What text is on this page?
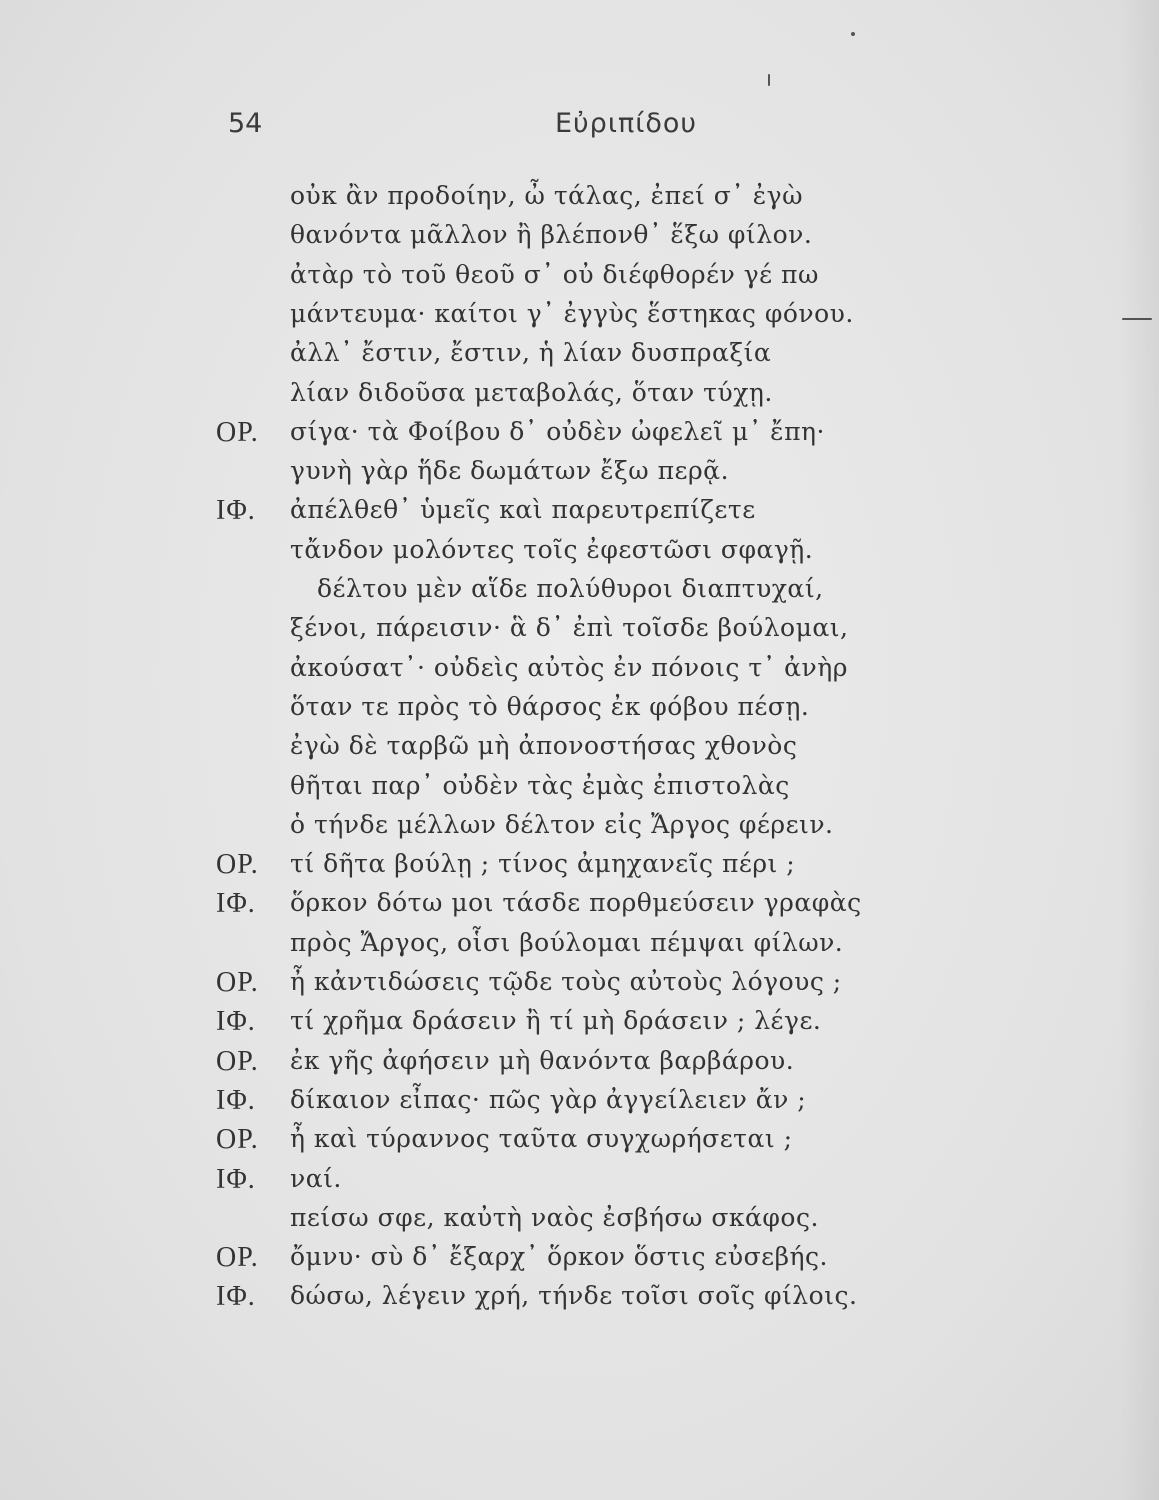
54	Εὐριπίδου
οὐκ ἂν προδοίην, ὦ τάλας, ἐπεί σ᾽ ἐγὼ
θανόντα μᾶλλον ἢ βλέπονθ᾽ ἕξω φίλον.
ἀτὰρ τὸ τοῦ θεοῦ σ᾽ οὐ διέφθορέν γέ πω
μάντευμα· καίτοι γ᾽ ἐγγὺς ἕστηκας φόνου.
ἀλλ᾽ ἔστιν, ἔστιν, ἡ λίαν δυσπραξία
λίαν διδοῦσα μεταβολάς, ὅταν τύχῃ.
ΟΡ. σίγα· τὰ Φοίβου δ᾽ οὐδὲν ὠφελεῖ μ᾽ ἔπη·
γυνὴ γὰρ ἥδε δωμάτων ἔξω περᾷ.
ΙΦ. ἀπέλθεθ᾽ ὑμεῖς καὶ παρευτρεπίζετε
τἄνδον μολόντες τοῖς ἐφεστῶσι σφαγῇ.
δέλτου μὲν αἵδε πολύθυροι διαπτυχαί,
ξένοι, πάρεισιν· ἃ δ᾽ ἐπὶ τοῖσδε βούλομαι,
ἀκούσατ᾽· οὐδεὶς αὐτὸς ἐν πόνοις τ᾽ ἀνὴρ
ὅταν τε πρὸς τὸ θάρσος ἐκ φόβου πέσῃ.
ἐγὼ δὲ ταρβῶ μὴ ἀπονοστήσας χθονὸς
θῆται παρ᾽ οὐδὲν τὰς ἐμὰς ἐπιστολὰς
ὁ τήνδε μέλλων δέλτον εἰς Ἄργος φέρειν.
ΟΡ. τί δῆτα βούλῃ ; τίνος ἀμηχανεῖς πέρι ;
ΙΦ. ὅρκον δότω μοι τάσδε πορθμεύσειν γραφὰς
πρὸς Ἄργος, οἷσι βούλομαι πέμψαι φίλων.
ΟΡ. ἦ κἀντιδώσεις τῷδε τοὺς αὐτοὺς λόγους ;
ΙΦ. τί χρῆμα δράσειν ἢ τί μὴ δράσειν ; λέγε.
ΟΡ. ἐκ γῆς ἀφήσειν μὴ θανόντα βαρβάρου.
ΙΦ. δίκαιον εἶπας· πῶς γὰρ ἀγγείλειεν ἄν ;
ΟΡ. ἦ καὶ τύραννος ταῦτα συγχωρήσεται ;
ΙΦ. ναί.
πείσω σφε, καὐτὴ ναὸς ἐσβήσω σκάφος.
ΟΡ. ὄμνυ· σὺ δ᾽ ἔξαρχ᾽ ὅρκον ὅστις εὐσεβής.
ΙΦ. δώσω, λέγειν χρή, τήνδε τοῖσι σοῖς φίλοις.
